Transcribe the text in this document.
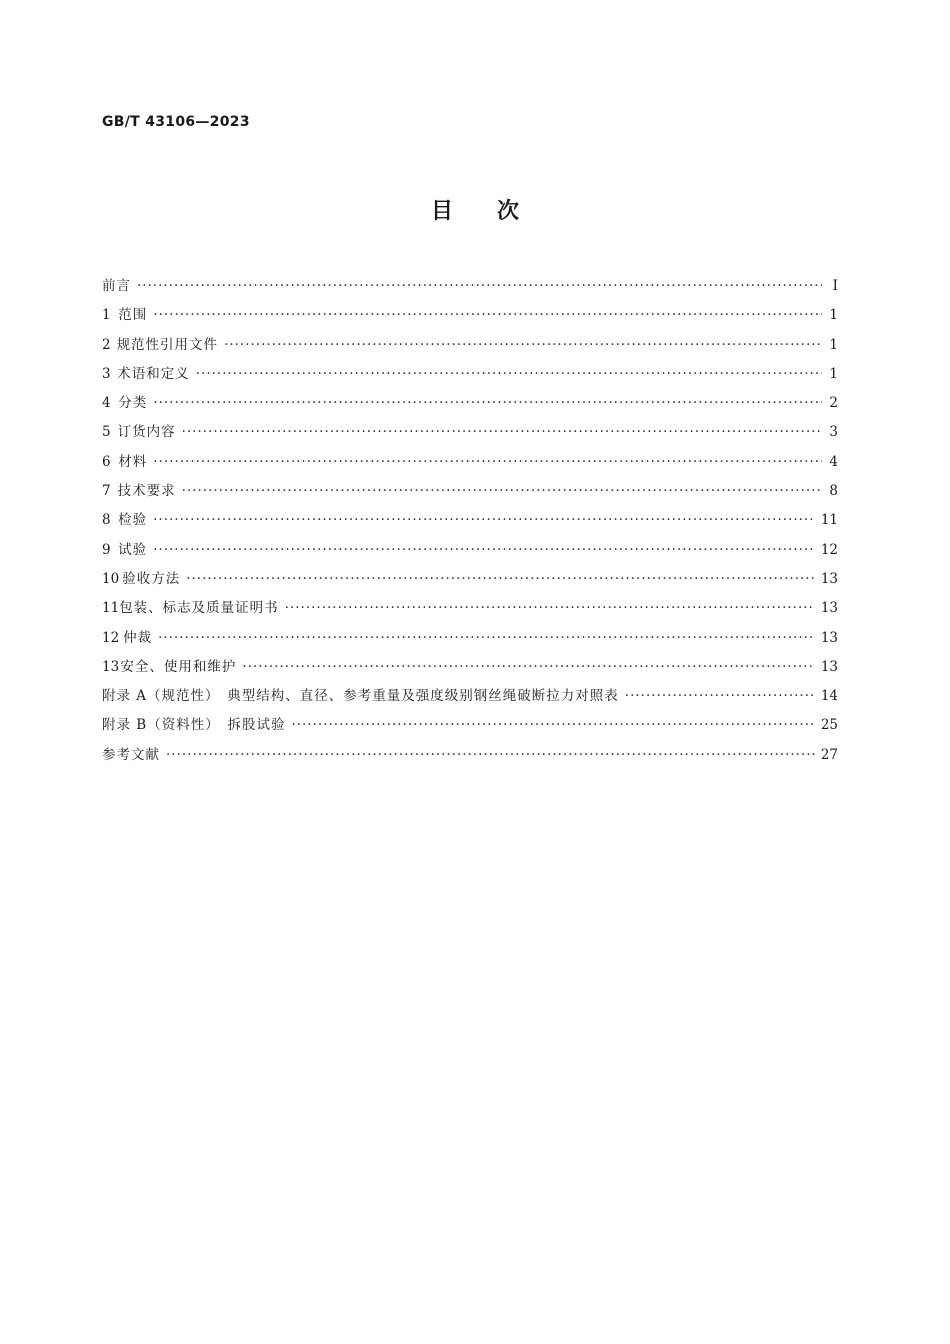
GB/T 43106—2023
目　　次
前言 ·····	Ⅰ
1 范围 ·····	1
2 规范性引用文件 ·····	1
3 术语和定义 ·····	1
4 分类 ·····	2
5 订货内容 ·····	3
6 材料 ·····	4
7 技术要求 ·····	8
8 检验 ·····	11
9 试验 ·····	12
10 验收方法 ·····	13
11 包装、标志及质量证明书 ·····	13
12 仲裁 ·····	13
13 安全、使用和维护 ·····	13
附录 A（规范性）　典型结构、直径、参考重量及强度级别钢丝绳破断拉力对照表 ·····	14
附录 B（资料性）　拆股试验 ·····	25
参考文献 ·····	27
